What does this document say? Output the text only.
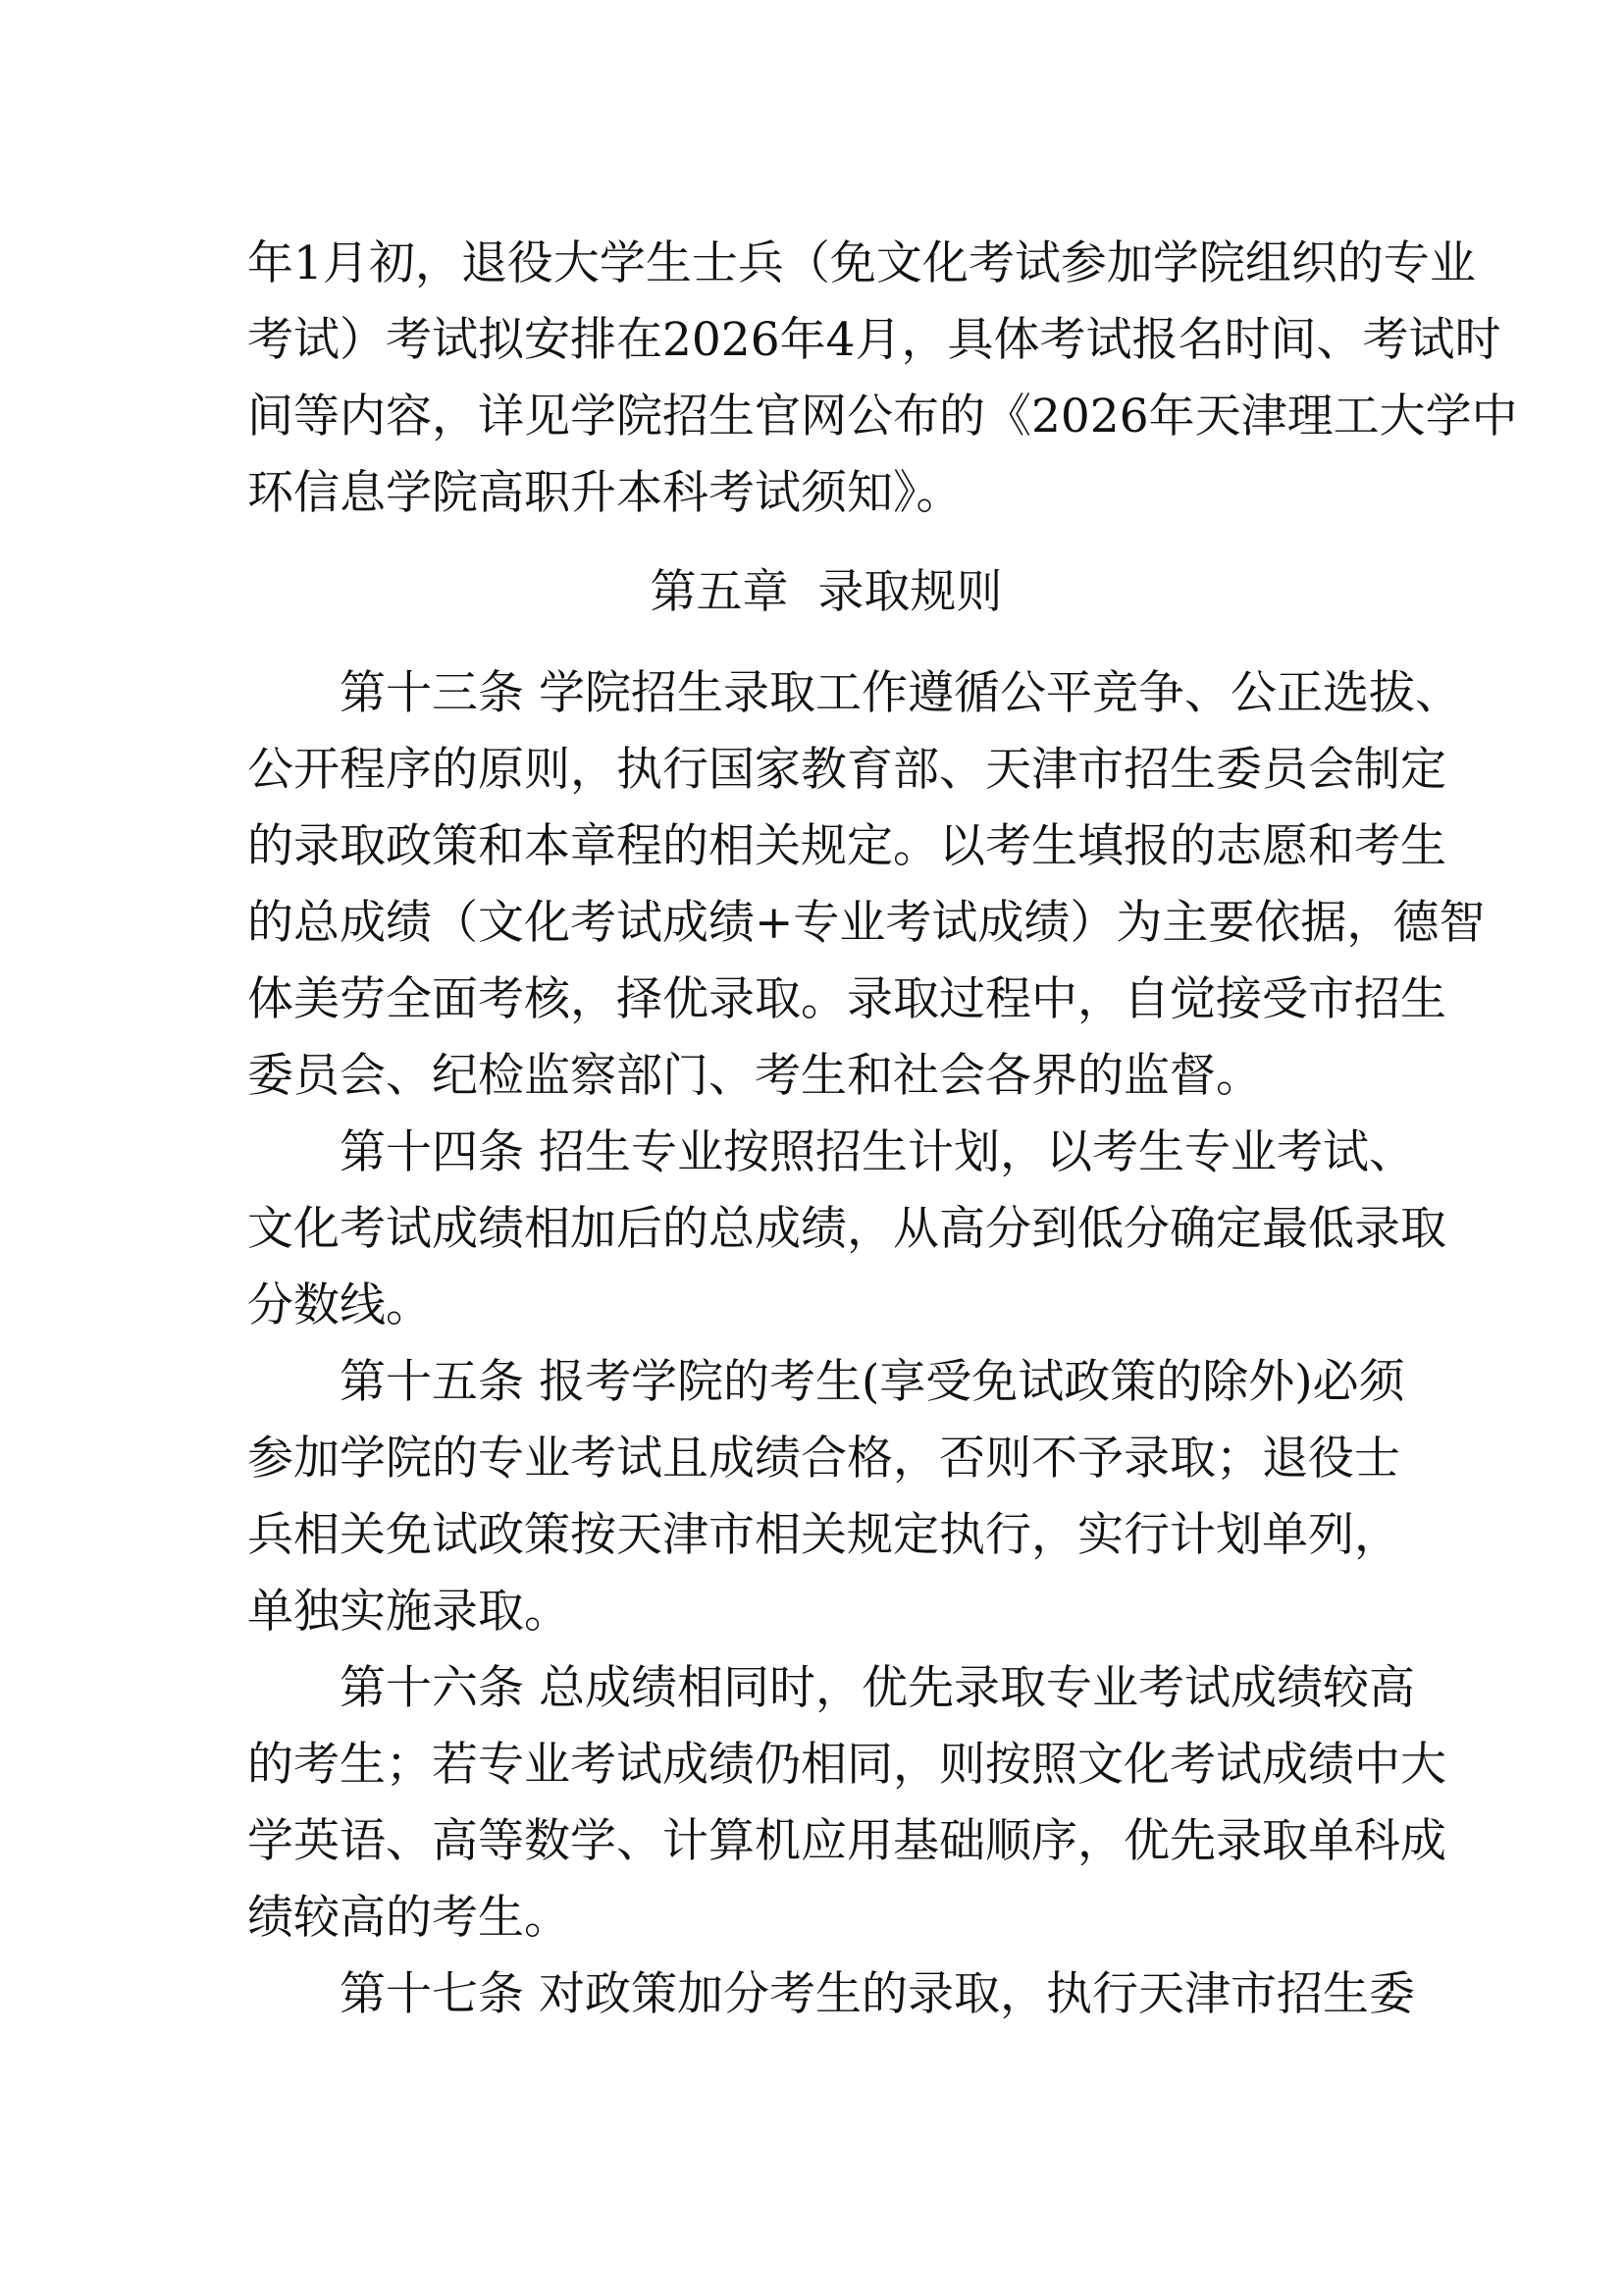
年1月初，退役大学生士兵（免文化考试参加学院组织的专业
考试）考试拟安排在2026年4月，具体考试报名时间、考试时
间等内容，详见学院招生官网公布的《2026年天津理工大学中
环信息学院高职升本科考试须知》。
第五章  录取规则
第十三条 学院招生录取工作遵循公平竞争、公正选拔、
公开程序的原则，执行国家教育部、天津市招生委员会制定
的录取政策和本章程的相关规定。以考生填报的志愿和考生
的总成绩（文化考试成绩+专业考试成绩）为主要依据，德智
体美劳全面考核，择优录取。录取过程中，自觉接受市招生
委员会、纪检监察部门、考生和社会各界的监督。
第十四条 招生专业按照招生计划，以考生专业考试、
文化考试成绩相加后的总成绩，从高分到低分确定最低录取
分数线。
第十五条 报考学院的考生(享受免试政策的除外)必须
参加学院的专业考试且成绩合格，否则不予录取；退役士
兵相关免试政策按天津市相关规定执行，实行计划单列，
单独实施录取。
第十六条 总成绩相同时，优先录取专业考试成绩较高
的考生；若专业考试成绩仍相同，则按照文化考试成绩中大
学英语、高等数学、计算机应用基础顺序，优先录取单科成
绩较高的考生。
第十七条 对政策加分考生的录取，执行天津市招生委
